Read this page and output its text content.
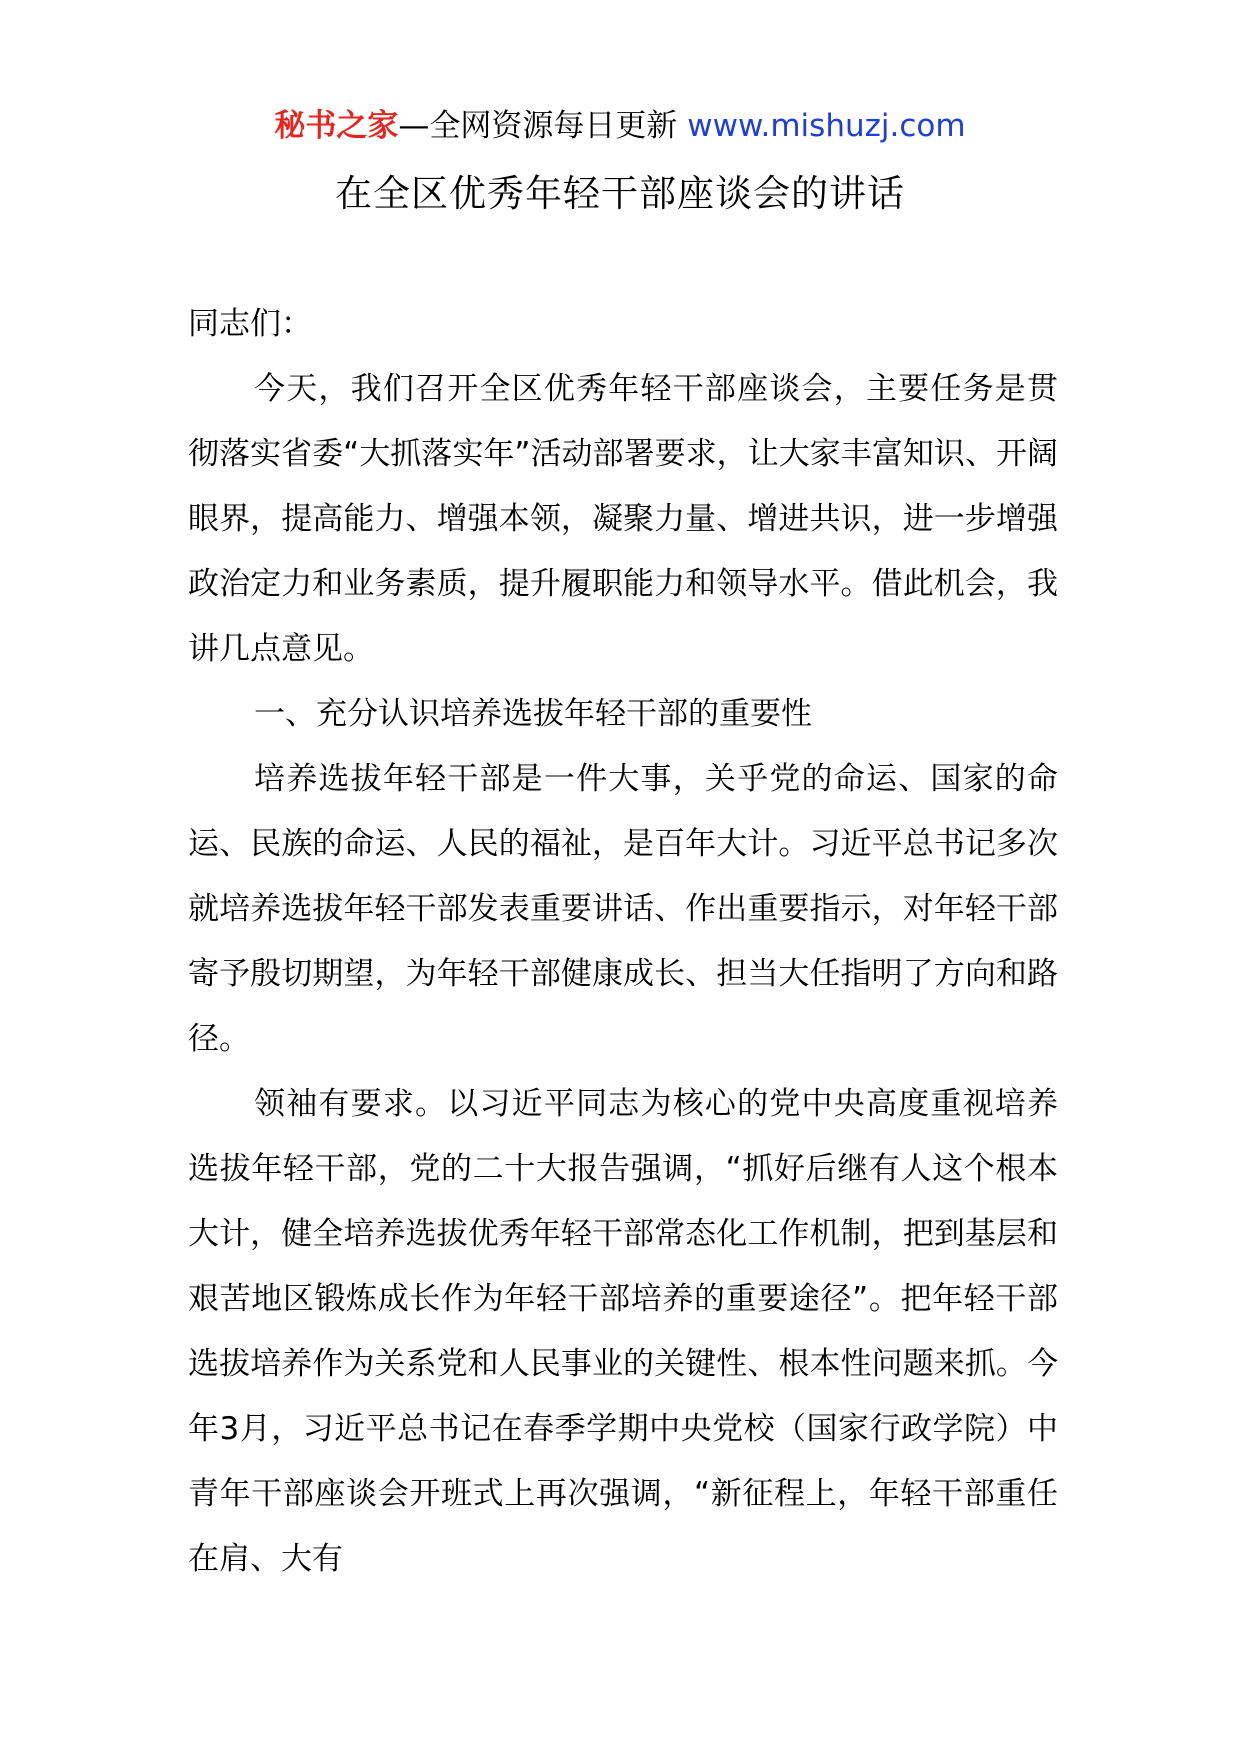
秘书之家—全网资源每日更新 www.mishuzj.com
在全区优秀年轻干部座谈会的讲话

同志们：

今天，我们召开全区优秀年轻干部座谈会，主要任务是贯彻落实省委“大抓落实年”活动部署要求，让大家丰富知识、开阔眼界，提高能力、增强本领，凝聚力量、增进共识，进一步增强政治定力和业务素质，提升履职能力和领导水平。借此机会，我讲几点意见。

一、充分认识培养选拔年轻干部的重要性

培养选拔年轻干部是一件大事，关乎党的命运、国家的命运、民族的命运、人民的福祉，是百年大计。习近平总书记多次就培养选拔年轻干部发表重要讲话、作出重要指示，对年轻干部寄予殷切期望，为年轻干部健康成长、担当大任指明了方向和路径。

领袖有要求。以习近平同志为核心的党中央高度重视培养选拔年轻干部，党的二十大报告强调，“抓好后继有人这个根本大计，健全培养选拔优秀年轻干部常态化工作机制，把到基层和艰苦地区锻炼成长作为年轻干部培养的重要途径”。把年轻干部选拔培养作为关系党和人民事业的关键性、根本性问题来抓。今年3月，习近平总书记在春季学期中央党校（国家行政学院）中青年干部座谈会开班式上再次强调，“新征程上，年轻干部重任在肩、大有
